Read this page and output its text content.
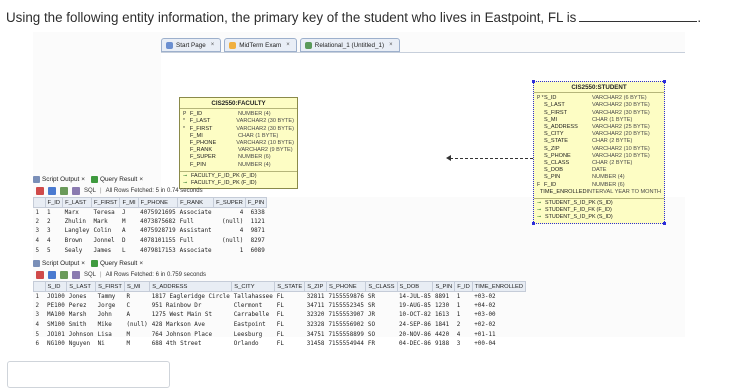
Using the following entity information, the primary key of the student who lives in Eastpoint, FL is	.
Start Page ×	MidTerm Exam ×	Relational_1 (Untitled_1) ×
CIS2550:FACULTY
P F_ID	NUMBER (4)
* F_LAST	VARCHAR2 (30 BYTE)
* F_FIRST	VARCHAR2 (30 BYTE)
F_MI	CHAR (1 BYTE)
F_PHONE	VARCHAR2 (10 BYTE)
F_RANK	VARCHAR2 (9 BYTE)
F_SUPER	NUMBER (6)
F_PIN	NUMBER (4)
⊸ FACULTY_F_ID_PK (F_ID)
⊸ FACULTY_F_ID_PK (F_ID)
CIS2550:STUDENT
P * S_ID	VARCHAR2 (6 BYTE)
S_LAST	VARCHAR2 (30 BYTE)
S_FIRST	VARCHAR2 (30 BYTE)
S_MI	CHAR (1 BYTE)
S_ADDRESS	VARCHAR2 (25 BYTE)
S_CITY	VARCHAR2 (20 BYTE)
S_STATE	CHAR (2 BYTE)
S_ZIP	VARCHAR2 (10 BYTE)
S_PHONE	VARCHAR2 (10 BYTE)
S_CLASS	CHAR (2 BYTE)
S_DOB	DATE
S_PIN	NUMBER (4)
F F_ID	NUMBER (6)
TIME_ENROLLED INTERVAL YEAR TO MONTH
⊸ STUDENT_S_ID_PK (S_ID)
⊸ STUDENT_F_ID_FK (F_ID)
⊸ STUDENT_S_ID_PK (S_ID)
Script Output × Query Result ×
SQL | All Rows Fetched: 5 in 0.74 seconds
	F_ID	F_LAST	F_FIRST	F_MI	F_PHONE	F_RANK	F_SUPER	F_PIN
1	1	Marx	Teresa	J	4075921695	Associate	4	6338
2	2	Zhulin	Mark	M	4073875682	Full	(null)	1121
3	3	Langley	Colin	A	4075928719	Assistant	4	9871
4	4	Brown	Jonnel	D	4078101155	Full	(null)	8297
5	5	Sealy	James	L	4079817153	Associate	1	6089
Script Output × Query Result ×
SQL | All Rows Fetched: 6 in 0.759 seconds
	S_ID	S_LAST	S_FIRST	S_MI	S_ADDRESS	S_CITY	S_STATE	S_ZIP	S_PHONE	S_CLASS	S_DOB	S_PIN	F_ID	TIME_ENROLLED
1	JO100	Jones	Tammy	R	1817 Eagleridge Circle	Tallahassee	FL	32811	7155559876	SR	14-JUL-85	8891	1	+03-02
2	PE100	Perez	Jorge	C	951 Rainbow Dr	Clermont	FL	34711	7155552345	SR	19-AUG-85	1230	1	+04-02
3	MA100	Marsh	John	A	1275 West Main St	Carrabelle	FL	32320	7155553907	JR	10-OCT-82	1613	1	+03-00
4	SM100	Smith	Mike	(null)	428 Markson Ave	Eastpoint	FL	32328	7155556902	SO	24-SEP-86	1841	2	+02-02
5	JO101	Johnson	Lisa	M	764 Johnson Place	Leesburg	FL	34751	7155558899	SO	20-NOV-86	4420	4	+01-11
6	NG100	Nguyen	Ni	M	688 4th Street	Orlando	FL	31458	7155554944	FR	04-DEC-86	9188	3	+00-04
